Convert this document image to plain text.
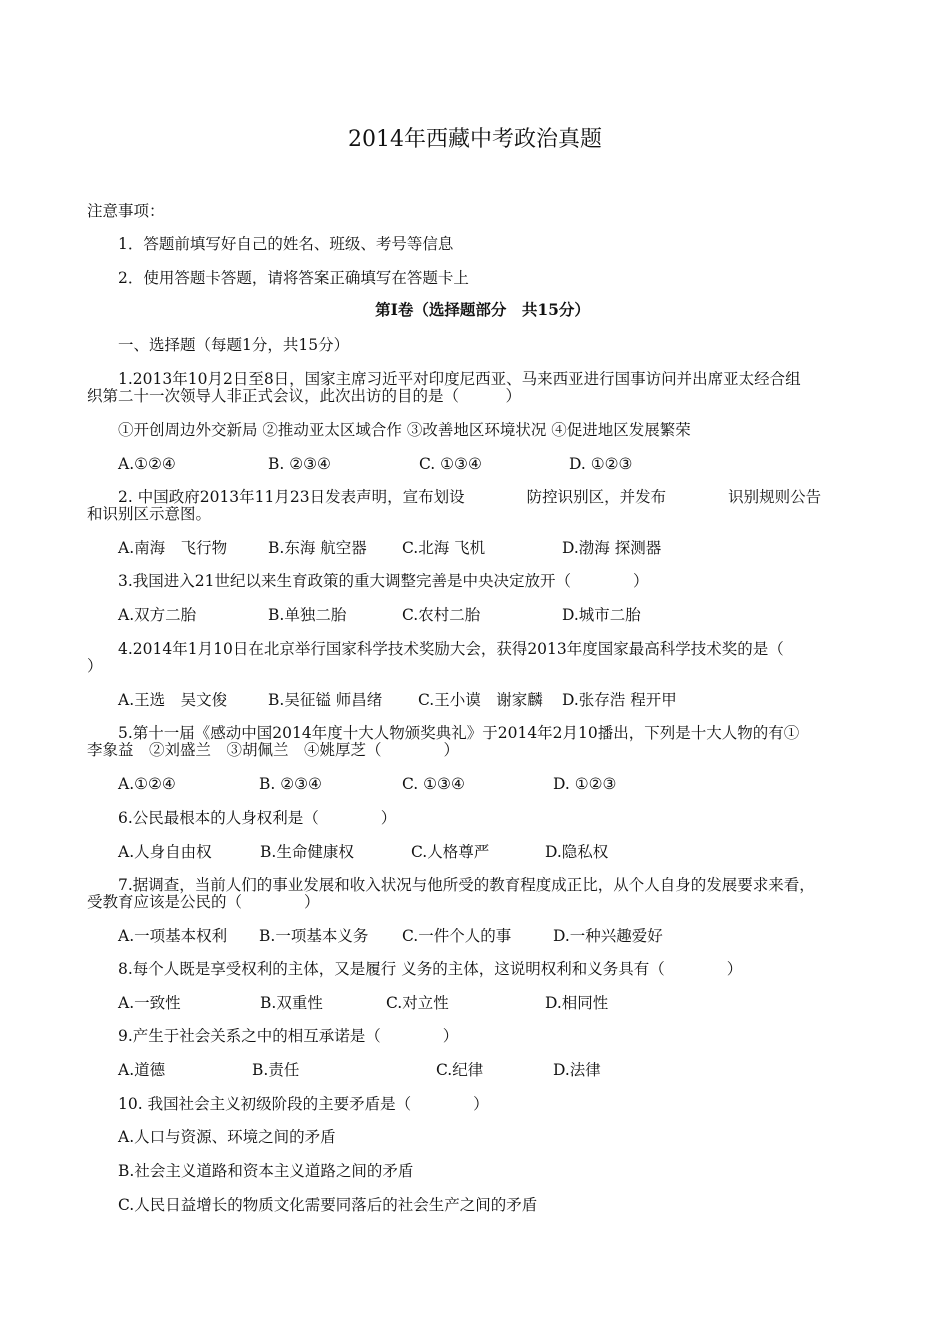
2014年西藏中考政治真题
注意事项：
1．答题前填写好自己的姓名、班级、考号等信息
2．使用答题卡答题，请将答案正确填写在答题卡上
第I卷（选择题部分　共15分）
一、选择题（每题1分，共15分）
1.2013年10月2日至8日，国家主席习近平对印度尼西亚、马来西亚进行国事访问并出席亚太经合组
织第二十一次领导人非正式会议，此次出访的目的是（　　　）
①开创周边外交新局 ②推动亚太区域合作 ③改善地区环境状况 ④促进地区发展繁荣
A.①②④	B. ②③④	C. ①③④	D. ①②③
2. 中国政府2013年11月23日发表声明，宣布划设　　　　防控识别区，并发布　　　　识别规则公告
和识别区示意图。
A.南海　飞行物	B.东海 航空器 C.北海 飞机	D.渤海 探测器
3.我国进入21世纪以来生育政策的重大调整完善是中央决定放开（　　　　）
A.双方二胎	B.单独二胎	C.农村二胎	D.城市二胎
4.2014年1月10日在北京举行国家科学技术奖励大会，获得2013年度国家最高科学技术奖的是（
）
A.王选　吴文俊	B.吴征镒 师昌绪 C.王小谟　谢家麟 D.张存浩 程开甲
5.第十一届《感动中国2014年度十大人物颁奖典礼》于2014年2月10播出，下列是十大人物的有①
李象益　②刘盛兰　③胡佩兰　④姚厚芝（　　　　）
A.①②④	B. ②③④	C. ①③④	D. ①②③
6.公民最根本的人身权利是（　　　　）
A.人身自由权	B.生命健康权	C.人格尊严	D.隐私权
7.据调查，当前人们的事业发展和收入状况与他所受的教育程度成正比，从个人自身的发展要求来看，
受教育应该是公民的（　　　　）
A.一项基本权利 B.一项基本义务 C.一件个人的事	D.一种兴趣爱好
8.每个人既是享受权利的主体，又是履行 义务的主体，这说明权利和义务具有（　　　　）
A.一致性	B.双重性	C.对立性	D.相同性
9.产生于社会关系之中的相互承诺是（　　　　）
A.道德	B.责任	C.纪律	D.法律
10. 我国社会主义初级阶段的主要矛盾是（　　　　）
A.人口与资源、环境之间的矛盾
B.社会主义道路和资本主义道路之间的矛盾
C.人民日益增长的物质文化需要同落后的社会生产之间的矛盾
